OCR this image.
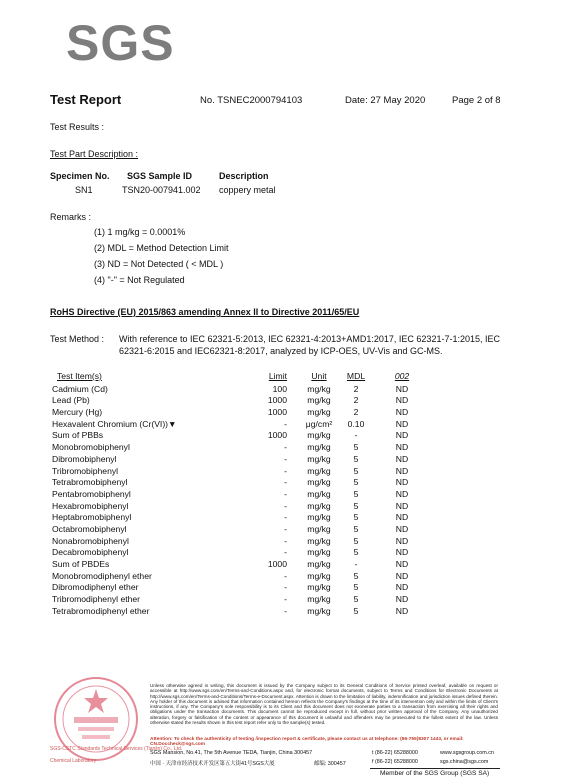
SGS
Test Report	No. TSNEC2000794103	Date: 27 May 2020	Page 2 of 8
Test Results :
Test Part Description :
Specimen No. SGS Sample ID	Description
SN1	TSN20-007941.002 coppery metal
Remarks :
(1) 1 mg/kg = 0.0001%
(2) MDL = Method Detection Limit
(3) ND = Not Detected ( < MDL )
(4) "-" = Not Regulated
RoHS Directive (EU) 2015/863 amending Annex II to Directive 2011/65/EU
Test Method : With reference to IEC 62321-5:2013, IEC 62321-4:2013+AMD1:2017, IEC 62321-7-1:2015, IEC
62321-6:2015 and IEC62321-8:2017, analyzed by ICP-OES, UV-Vis and GC-MS.
Test Item(s)	Limit	Unit	MDL	002
Cadmium (Cd)	100	mg/kg	2	ND
Lead (Pb)	1000	mg/kg	2	ND
Mercury (Hg)	1000	mg/kg	2	ND
Hexavalent Chromium (Cr(VI))▼	-	μg/cm²	0.10	ND
Sum of PBBs	1000	mg/kg	-	ND
Monobromobiphenyl	-	mg/kg	5	ND
Dibromobiphenyl	-	mg/kg	5	ND
Tribromobiphenyl	-	mg/kg	5	ND
Tetrabromobiphenyl	-	mg/kg	5	ND
Pentabromobiphenyl	-	mg/kg	5	ND
Hexabromobiphenyl	-	mg/kg	5	ND
Heptabromobiphenyl	-	mg/kg	5	ND
Octabromobiphenyl	-	mg/kg	5	ND
Nonabromobiphenyl	-	mg/kg	5	ND
Decabromobiphenyl	-	mg/kg	5	ND
Sum of PBDEs	1000	mg/kg	-	ND
Monobromodiphenyl ether	-	mg/kg	5	ND
Dibromodiphenyl ether	-	mg/kg	5	ND
Tribromodiphenyl ether	-	mg/kg	5	ND
Tetrabromodiphenyl ether	-	mg/kg	5	ND
SGS-CSTC Standards Technical Services (Tianjin) Co., Ltd.
Chemical Laboratory
Unless otherwise agreed in writing, this document is issued by the Company subject to its General Conditions of Service printed overleaf, available on request or accessible at http://www.sgs.com/en/Terms-and-Conditions.aspx and, for electronic format documents, subject to Terms and Conditions for Electronic Documents at http://www.sgs.com/en/Terms-and-Conditions/Terms-e-Document.aspx. Attention is drawn to the limitation of liability, indemnification and jurisdiction issues defined therein. Any holder of this document is advised that information contained hereon reflects the Company's findings at the time of its intervention only and within the limits of Client's instructions, if any. The Company's sole responsibility is to its Client and this document does not exonerate parties to a transaction from exercising all their rights and obligations under the transaction documents. This document cannot be reproduced except in full, without prior written approval of the Company. Any unauthorized alteration, forgery or falsification of the content or appearance of this document is unlawful and offenders may be prosecuted to the fullest extent of the law. Unless otherwise stated the results shown in this test report refer only to the sample(s) tested.
Attention: To check the authenticity of testing /inspection report & certificate, please contact us at telephone: (86-755)8307 1443, or email: CN.Doccheck@sgs.com
SGS Mansion, No.41, The 5th Avenue TEDA, Tianjin, China 300457
中国 · 天津市经济技术开发区第五大街41号SGS大厦	邮编: 300457
t (86-22) 65288000
f (86-22) 65288000
www.sgsgroup.com.cn
sgs.china@sgs.com
Member of the SGS Group (SGS SA)
